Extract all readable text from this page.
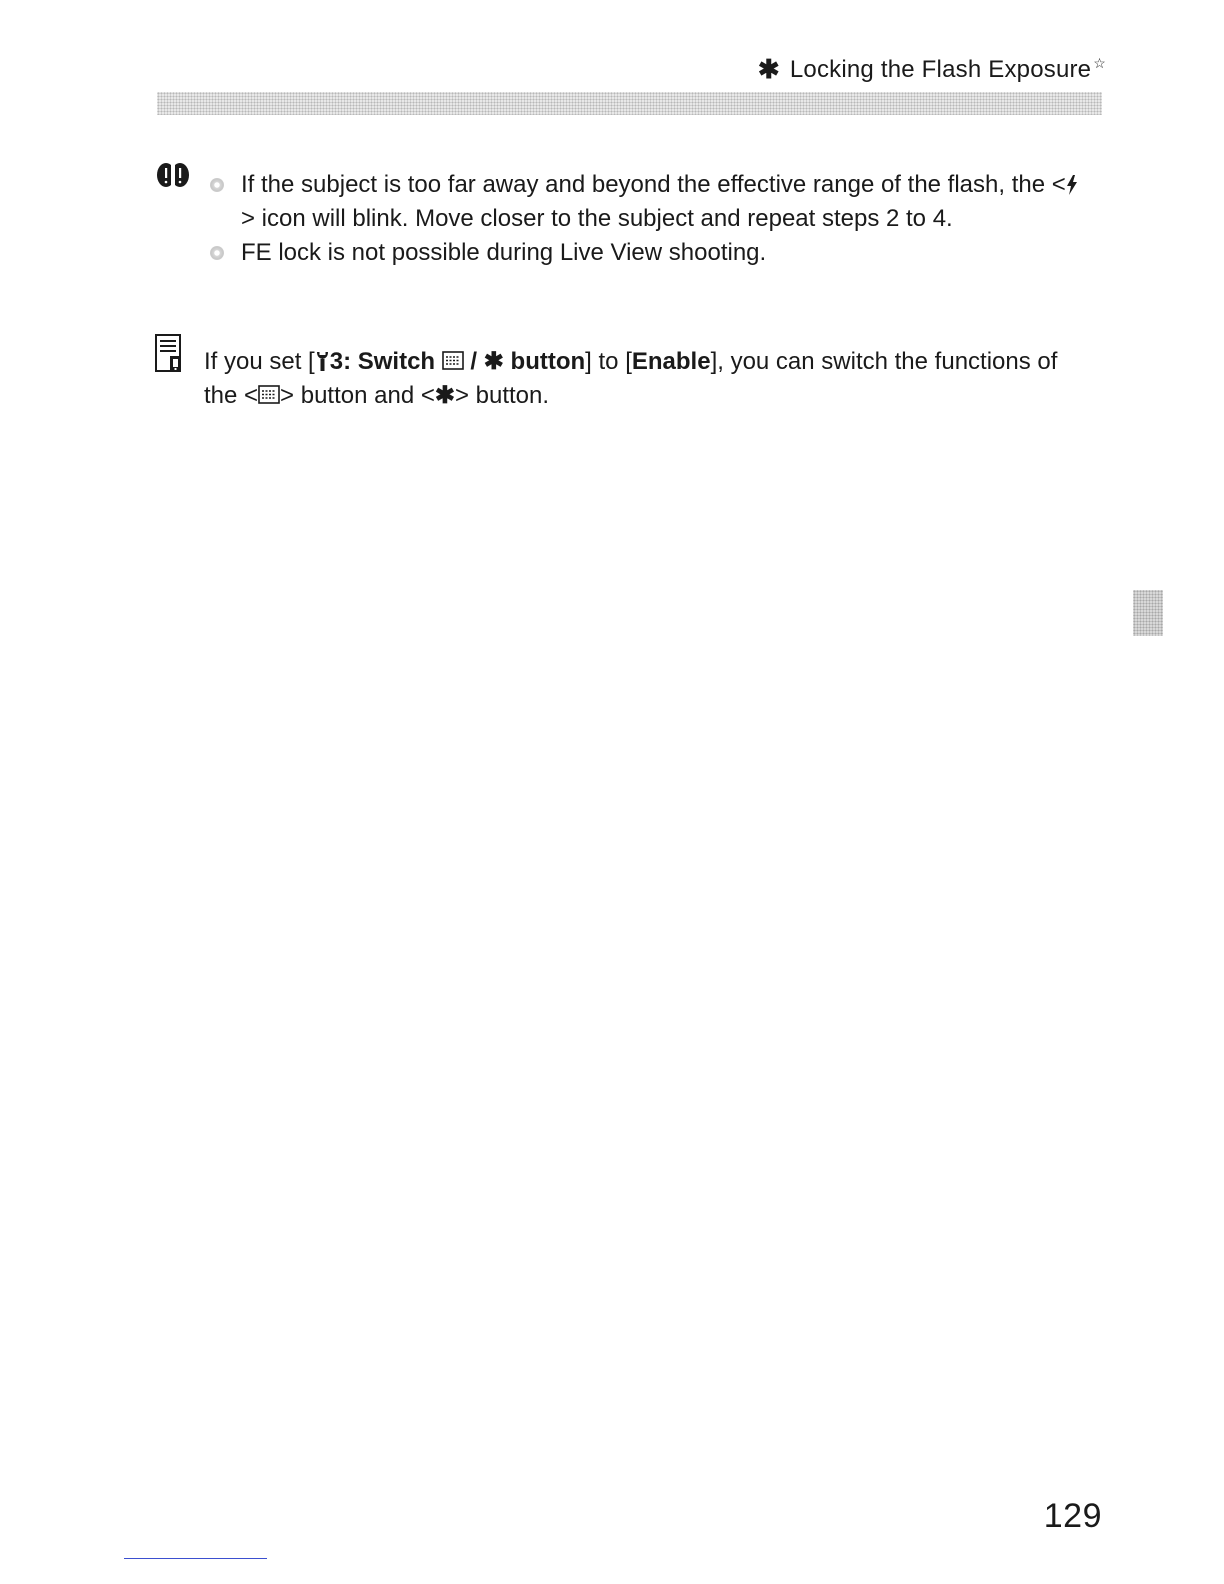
✱ Locking the Flash Exposure ☆
If the subject is too far away and beyond the effective range of the flash, the <> icon will blink. Move closer to the subject and repeat steps 2 to 4.
FE lock is not possible during Live View shooting.
If you set [ 3: Switch  / ✱ button] to [Enable], you can switch the functions of the < > button and <✱> button.
129
